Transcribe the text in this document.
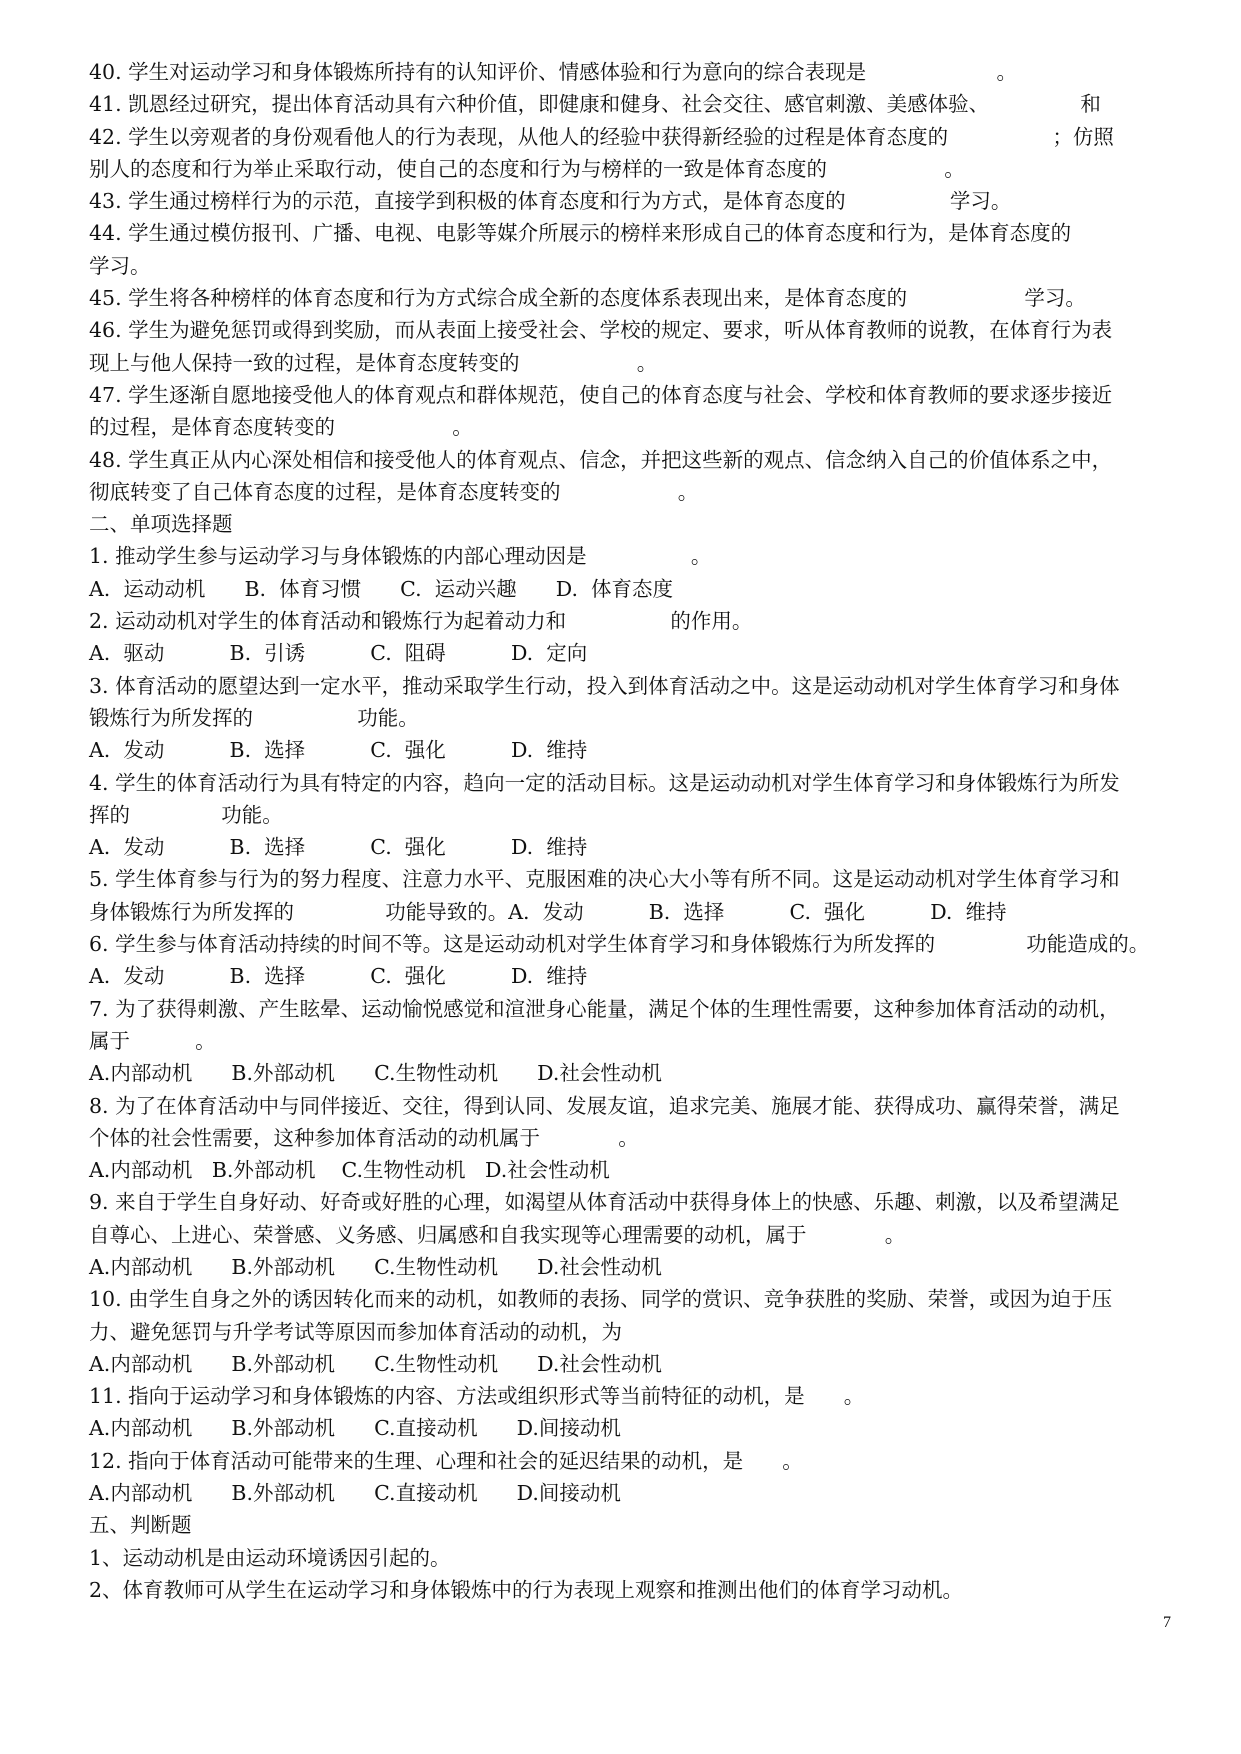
40. 学生对运动学习和身体锻炼所持有的认知评价、情感体验和行为意向的综合表现是                    。
41. 凯恩经过研究，提出体育活动具有六种价值，即健康和健身、社会交往、感官刺激、美感体验、              和
42. 学生以旁观者的身份观看他人的行为表现，从他人的经验中获得新经验的过程是体育态度的                ；仿照
别人的态度和行为举止采取行动，使自己的态度和行为与榜样的一致是体育态度的                  。
43. 学生通过榜样行为的示范，直接学到积极的体育态度和行为方式，是体育态度的                学习。
44. 学生通过模仿报刊、广播、电视、电影等媒介所展示的榜样来形成自己的体育态度和行为，是体育态度的
学习。
45. 学生将各种榜样的体育态度和行为方式综合成全新的态度体系表现出来，是体育态度的                  学习。
46. 学生为避免惩罚或得到奖励，而从表面上接受社会、学校的规定、要求，听从体育教师的说教，在体育行为表
现上与他人保持一致的过程，是体育态度转变的                  。
47. 学生逐渐自愿地接受他人的体育观点和群体规范，使自己的体育态度与社会、学校和体育教师的要求逐步接近
的过程，是体育态度转变的                  。
48. 学生真正从内心深处相信和接受他人的体育观点、信念，并把这些新的观点、信念纳入自己的价值体系之中，
彻底转变了自己体育态度的过程，是体育态度转变的                  。
二、单项选择题
1. 推动学生参与运动学习与身体锻炼的内部心理动因是                。
A.  运动动机      B.  体育习惯      C.  运动兴趣      D.  体育态度
2. 运动动机对学生的体育活动和锻炼行为起着动力和                的作用。
A.  驱动          B.  引诱          C.  阻碍          D.  定向
3. 体育活动的愿望达到一定水平，推动采取学生行动，投入到体育活动之中。这是运动动机对学生体育学习和身体
锻炼行为所发挥的                功能。
A.  发动          B.  选择          C.  强化          D.  维持
4. 学生的体育活动行为具有特定的内容，趋向一定的活动目标。这是运动动机对学生体育学习和身体锻炼行为所发
挥的              功能。
A.  发动          B.  选择          C.  强化          D.  维持
5. 学生体育参与行为的努力程度、注意力水平、克服困难的决心大小等有所不同。这是运动动机对学生体育学习和
身体锻炼行为所发挥的              功能导致的。A.  发动          B.  选择          C.  强化          D.  维持
6. 学生参与体育活动持续的时间不等。这是运动动机对学生体育学习和身体锻炼行为所发挥的              功能造成的。
A.  发动          B.  选择          C.  强化          D.  维持
7. 为了获得刺激、产生眩晕、运动愉悦感觉和渲泄身心能量，满足个体的生理性需要，这种参加体育活动的动机，
属于          。
A.内部动机      B.外部动机      C.生物性动机      D.社会性动机
8. 为了在体育活动中与同伴接近、交往，得到认同、发展友谊，追求完美、施展才能、获得成功、赢得荣誉，满足
个体的社会性需要，这种参加体育活动的动机属于            。
A.内部动机   B.外部动机    C.生物性动机   D.社会性动机
9. 来自于学生自身好动、好奇或好胜的心理，如渴望从体育活动中获得身体上的快感、乐趣、刺激，以及希望满足
自尊心、上进心、荣誉感、义务感、归属感和自我实现等心理需要的动机，属于            。
A.内部动机      B.外部动机      C.生物性动机      D.社会性动机
10. 由学生自身之外的诱因转化而来的动机，如教师的表扬、同学的赏识、竞争获胜的奖励、荣誉，或因为迫于压
力、避免惩罚与升学考试等原因而参加体育活动的动机，为
A.内部动机      B.外部动机      C.生物性动机      D.社会性动机
11. 指向于运动学习和身体锻炼的内容、方法或组织形式等当前特征的动机，是      。
A.内部动机      B.外部动机      C.直接动机      D.间接动机
12. 指向于体育活动可能带来的生理、心理和社会的延迟结果的动机，是      。
A.内部动机      B.外部动机      C.直接动机      D.间接动机
五、判断题
1、运动动机是由运动环境诱因引起的。
2、体育教师可从学生在运动学习和身体锻炼中的行为表现上观察和推测出他们的体育学习动机。
7
